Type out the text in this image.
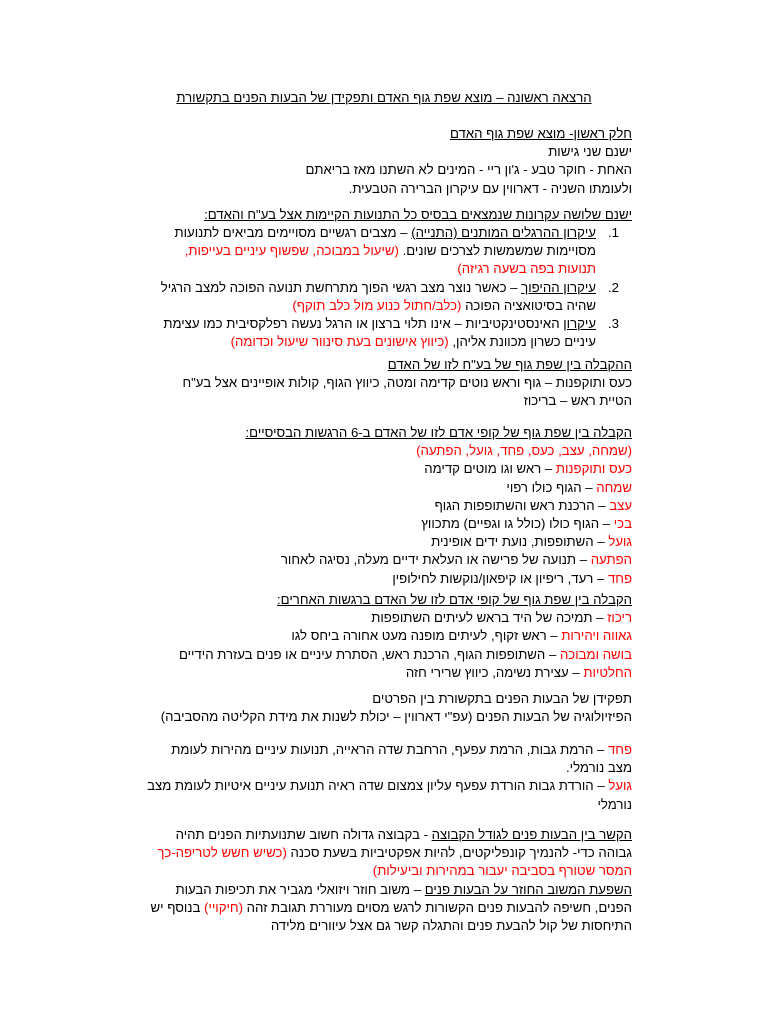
הרצאה ראשונה – מוצא שפת גוף האדם ותפקידן של הבעות הפנים בתקשורת
חלק ראשון- מוצא שפת גוף האדם
ישנם שני גישות
האחת - חוקר טבע - ג'ון ריי - המינים לא השתנו מאז בריאתם
ולעומתו השניה - דארווין עם עיקרון הברירה הטבעית.
ישנם שלושה עקרונות שנמצאים בבסיס כל התנועות הקיימות אצל בע"ח והאדם:
1.
עיקרון ההרגלים המותנים (התנייה) – מצבים רגשיים מסויימים מביאים לתנועות
מסויימות שמשמשות לצרכים שונים. (שיעול במבוכה, שפשוף עיניים בעייפות,
תנועות בפה בשעה רגיזה)
2.
עיקרון ההיפוך – כאשר נוצר מצב רגשי הפוך מתרחשת תנועה הפוכה למצב הרגיל
שהיה בסיטואציה הפוכה (כלב/חתול כנוע מול כלב תוקף)
3.
עיקרון האינסטינקטיביות – אינו תלוי ברצון או הרגל נעשה רפלקסיבית כמו עצימת
עיניים כשרון מכוונת אליהן, (כיווץ אישונים בעת סינוור שיעול וכדומה)
ההקבלה בין שפת גוף של בע"ח לזו של האדם
כעס ותוקפנות – גוף וראש נוטים קדימה ומטה, כיווץ הגוף, קולות אופיינים אצל בע"ח
הטיית ראש – בריכוז
הקבלה בין שפת גוף של קופי אדם לזו של האדם ב-6 הרגשות הבסיסיים:
(שמחה, עצב, כעס, פחד, גועל, הפתעה)
כעס ותוקפנות – ראש וגו מוטים קדימה
שמחה – הגוף כולו רפוי
עצב – הרכנת ראש והשתופפות הגוף
בכי – הגוף כולו (כולל גו וגפיים) מתכווץ
גועל – השתופפות, נועת ידים אופינית
הפתעה – תנועה של פרישה או העלאת ידיים מעלה, נסיגה לאחור
פחד – רעד, ריפיון או קיפאון/נוקשות לחילופין
הקבלה בין שפת גוף של קופי אדם לזו של האדם ברגשות האחרים:
ריכוז – תמיכה של היד בראש לעיתים השתופפות
גאווה ויהירות – ראש זקוף, לעיתים מופנה מעט אחורה ביחס לגו
בושה ומבוכה – השתופפות הגוף, הרכנת ראש, הסתרת עיניים או פנים בעזרת הידיים
החלטיות – עצירת נשימה, כיווץ שרירי חזה
תפקידן של הבעות הפנים בתקשורת בין הפרטים
הפיזיולוגיה של הבעות הפנים (עפ"י דארווין – יכולת לשנות את מידת הקליטה מהסביבה)
פחד – הרמת גבות, הרמת עפעף, הרחבת שדה הראייה, תנועות עיניים מהירות לעומת
מצב נורמלי.
גועל – הורדת גבות הורדת עפעף עליון צמצום שדה ראיה תנועת עיניים איטיות לעומת מצב
נורמלי
הקשר בין הבעות פנים לגודל הקבוצה - בקבוצה גדולה חשוב שתנועתיות הפנים תהיה
גבוהה כדי- להנמיך קונפליקטים, להיות אפקטיביות בשעת סכנה (כשיש חשש לטריפה-כך
המסר שטורף בסביבה יעבור במהירות וביעילות)
השפעת המשוב החוזר על הבעות פנים – משוב חוזר ויזואלי מגביר את תכיפות הבעות
הפנים, חשיפה להבעות פנים הקשורות לרגש מסוים מעוררת תגובת זהה (חיקויי) בנוסף יש
התיחסות של קול להבעת פנים והתגלה קשר גם אצל עיוורים מלידה
